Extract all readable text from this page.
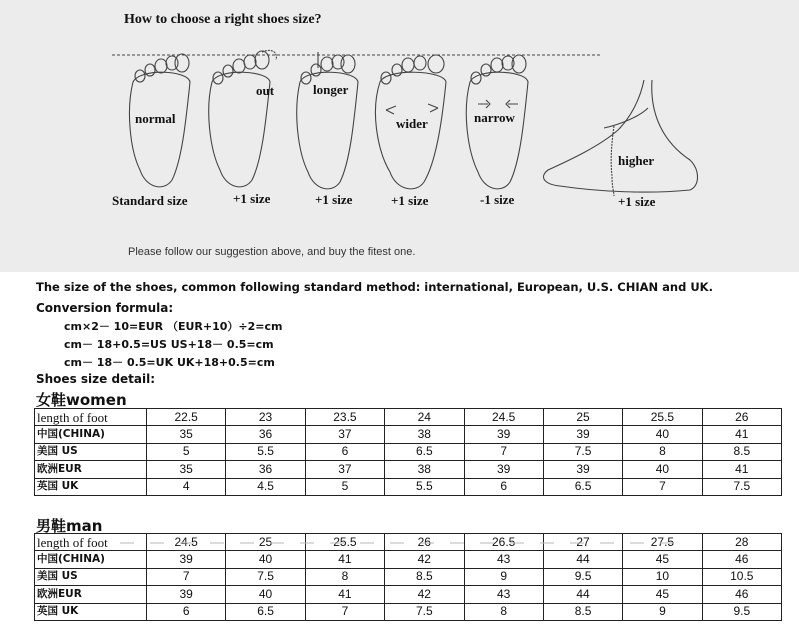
How to choose a right shoes size?
normal
out	longer
wider	narrow
higher
Standard size	+1 size	+1 size	+1 size	-1 size	+1 size
Please follow our suggestion above, and buy the fitest one.
The size of the shoes, common following standard method: international, European, U.S. CHIAN and UK.
Conversion formula:
cm×2－ 10=EUR （EUR+10）÷2=cm
cm－ 18+0.5=US US+18－ 0.5=cm
cm－ 18－ 0.5=UK UK+18+0.5=cm
Shoes size detail:
女鞋women
length of foot	22.5	23	23.5	24	24.5	25	25.5	26
中国(CHINA)	35	36	37	38	39	39	40	41
美国 US	5	5.5	6	6.5	7	7.5	8	8.5
欧洲EUR	35	36	37	38	39	39	40	41
英国 UK	4	4.5	5	5.5	6	6.5	7	7.5
男鞋man
length of foot	24.5	25	25.5	26	26.5	27	27.5	28
中国(CHINA)	39	40	41	42	43	44	45	46
美国 US	7	7.5	8	8.5	9	9.5	10	10.5
欧洲EUR	39	40	41	42	43	44	45	46
英国 UK	6	6.5	7	7.5	8	8.5	9	9.5
